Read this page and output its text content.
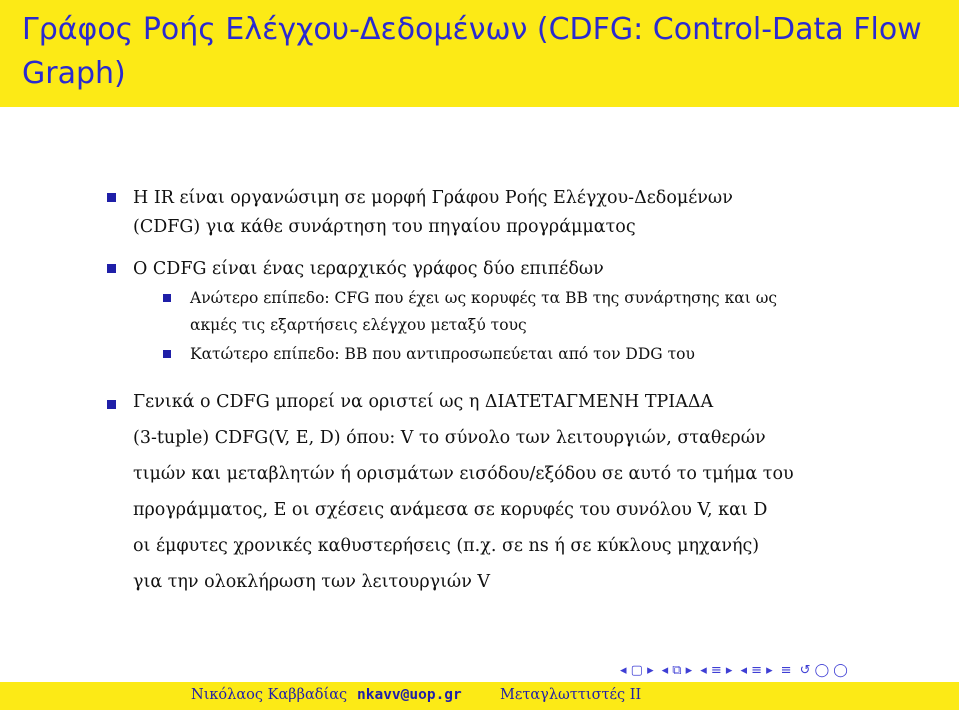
Γράφος Ροής Ελέγχου-Δεδομένων (CDFG: Control-Data Flow Graph)
Η IR είναι οργανώσιμη σε μορφή Γράφου Ροής Ελέγχου-Δεδομένων
(CDFG) για κάθε συνάρτηση του πηγαίου προγράμματος
Ο CDFG είναι ένας ιεραρχικός γράφος δύο επιπέδων
Ανώτερο επίπεδο: CFG που έχει ως κορυφές τα BB της συνάρτησης και ως
ακμές τις εξαρτήσεις ελέγχου μεταξύ τους
Κατώτερο επίπεδο: BB που αντιπροσωπεύεται από τον DDG του
Γενικά ο CDFG μπορεί να οριστεί ως η ΔΙΑΤΕΤΑΓΜΕΝΗ ΤΡΙΑΔΑ
(3-tuple) CDFG(V, E, D) όπου: V το σύνολο των λειτουργιών, σταθερών
τιμών και μεταβλητών ή ορισμάτων εισόδου/εξόδου σε αυτό το τμήμα του
προγράμματος, E οι σχέσεις ανάμεσα σε κορυφές του συνόλου V, και D
οι έμφυτες χρονικές καθυστερήσεις (π.χ. σε ns ή σε κύκλους μηχανής)
για την ολοκλήρωση των λειτουργιών V
◂ ▢ ▸ ◂ ⧉ ▸ ◂ ≡ ▸ ◂ ≡ ▸ ≡ ↺ ◯ ◯
Νικόλαος Καββαδίας nkavv@uop.gr	Μεταγλωττιστές ΙΙ
